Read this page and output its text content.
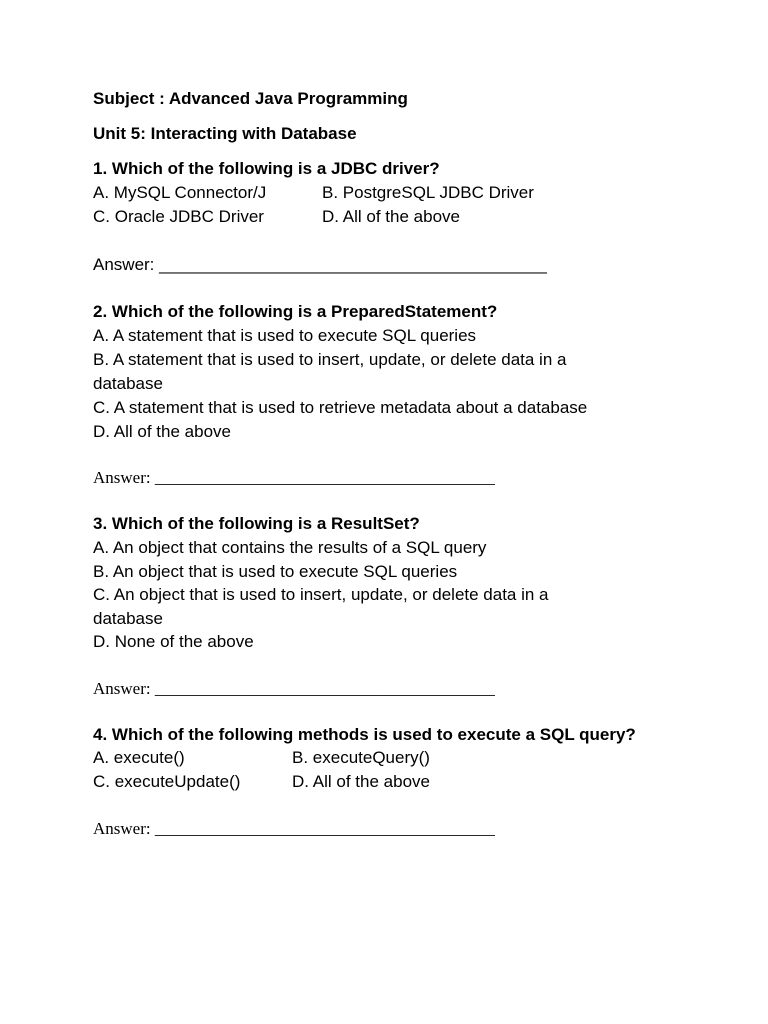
Subject : Advanced Java Programming
Unit 5: Interacting with Database
1. Which of the following is a JDBC driver?
A. MySQL Connector/J	B. PostgreSQL JDBC Driver
C. Oracle JDBC Driver	D. All of the above
Answer: _________________________________________
2. Which of the following is a PreparedStatement?
A. A statement that is used to execute SQL queries
B. A statement that is used to insert, update, or delete data in a
database
C. A statement that is used to retrieve metadata about a database
D. All of the above
Answer: ________________________________________
3. Which of the following is a ResultSet?
A. An object that contains the results of a SQL query
B. An object that is used to execute SQL queries
C. An object that is used to insert, update, or delete data in a
database
D. None of the above
Answer: ________________________________________
4. Which of the following methods is used to execute a SQL query?
A. execute()	B. executeQuery()
C. executeUpdate()	D. All of the above
Answer: ________________________________________
